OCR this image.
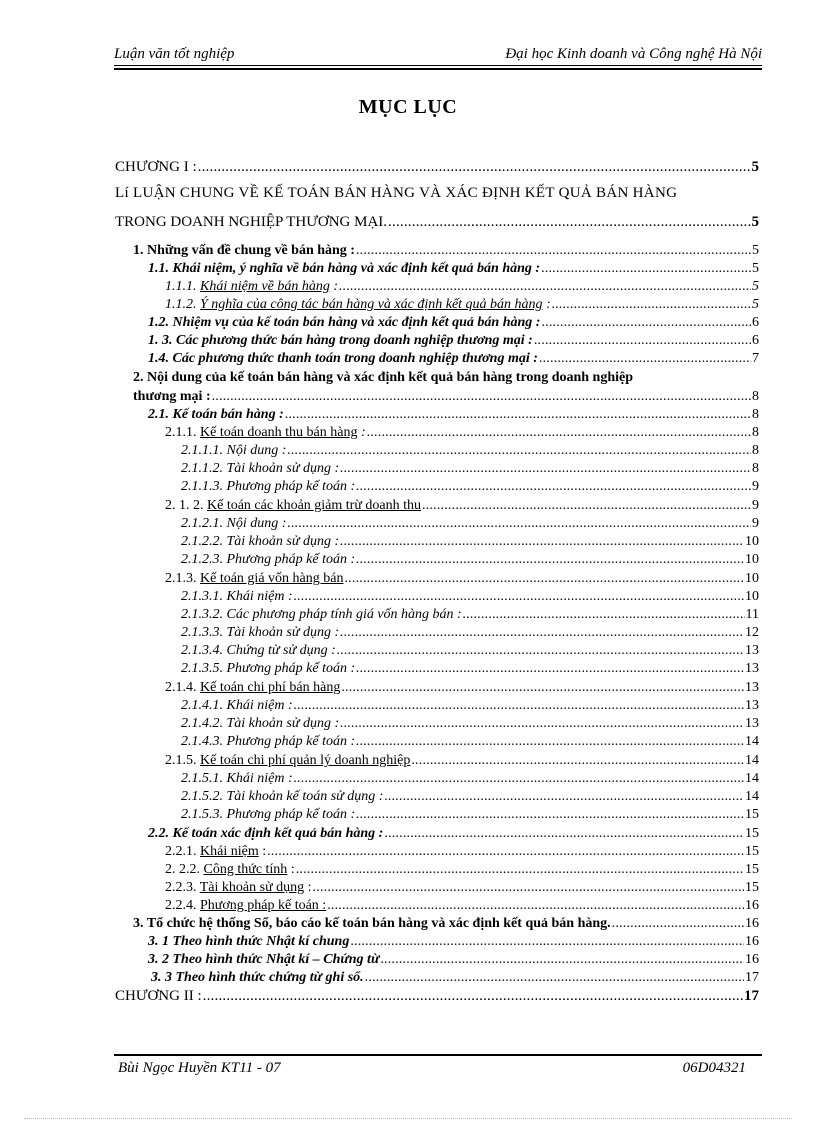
Luận văn tốt nghiệp	Đại học Kinh doanh và Công nghệ Hà Nội
MỤC LỤC
CHƯƠNG I : .....	5
Lí LUẬN CHUNG VỀ KẾ TOÁN BÁN HÀNG VÀ XÁC ĐỊNH KẾT QUẢ BÁN HÀNG
TRONG DOANH NGHIỆP THƯƠNG MẠI. .....	5
1. Những vấn đề chung về bán hàng : .....	5
1.1. Khái niệm, ý nghĩa về bán hàng và xác định kết quả bán hàng : .....	5
1.1.1. Khái niệm về bán hàng : .....	5
1.1.2. Ý nghĩa của công tác bán hàng và xác định kết quả bán hàng : .....	5
1.2. Nhiệm vụ của kế toán bán hàng và xác định kết quả bán hàng : .....	6
1. 3. Các phương thức bán hàng trong doanh nghiệp thương mại : .....	6
1.4. Các phương thức thanh toán trong doanh nghiệp thương mại : .....	7
2. Nội dung của kế toán bán hàng và xác định kết quả bán hàng trong doanh nghiệp
thương mại : .....	8
2.1. Kế toán bán hàng : .....	8
2.1.1. Kế toán doanh thu bán hàng : .....	8
2.1.1.1. Nội dung : .....	8
2.1.1.2. Tài khoản sử dụng : .....	8
2.1.1.3. Phương pháp kế toán : .....	9
2. 1. 2. Kế toán các khoản giảm trừ doanh thu .....	9
2.1.2.1. Nội dung : .....	9
2.1.2.2. Tài khoản sử dụng : .....	10
2.1.2.3. Phương pháp kế toán : .....	10
2.1.3. Kế toán giá vốn hàng bán .....	10
2.1.3.1. Khái niệm : .....	10
2.1.3.2. Các phương pháp tính giá vốn hàng bán : .....	11
2.1.3.3. Tài khoản sử dụng : .....	12
2.1.3.4. Chứng từ sử dụng : .....	13
2.1.3.5. Phương pháp kế toán : .....	13
2.1.4. Kế toán chi phí bán hàng .....	13
2.1.4.1. Khái niệm : .....	13
2.1.4.2. Tài khoản sử dụng : .....	13
2.1.4.3. Phương pháp kế toán : .....	14
2.1.5. Kế toán chi phí quản lý doanh nghiệp .....	14
2.1.5.1. Khái niệm : .....	14
2.1.5.2. Tài khoản kế toán sử dụng : .....	14
2.1.5.3. Phương pháp kế toán : .....	15
2.2. Kế toán xác định kết quả bán hàng : .....	15
2.2.1. Khái niệm : .....	15
2. 2.2. Công thức tính : .....	15
2.2.3. Tài khoản sử dụng : .....	15
2.2.4. Phương pháp kế toán : .....	16
3. Tổ chức hệ thống Sổ, báo cáo kế toán bán hàng và xác định kết quả bán hàng. .....	16
3. 1 Theo hình thức Nhật kí chung .....	16
3. 2 Theo hình thức Nhật kí – Chứng từ .....	16
3. 3 Theo hình thức chứng từ ghi sổ. .....	17
CHƯƠNG II : .....	17
Bùi Ngọc Huyền KT11 - 07	06D04321
